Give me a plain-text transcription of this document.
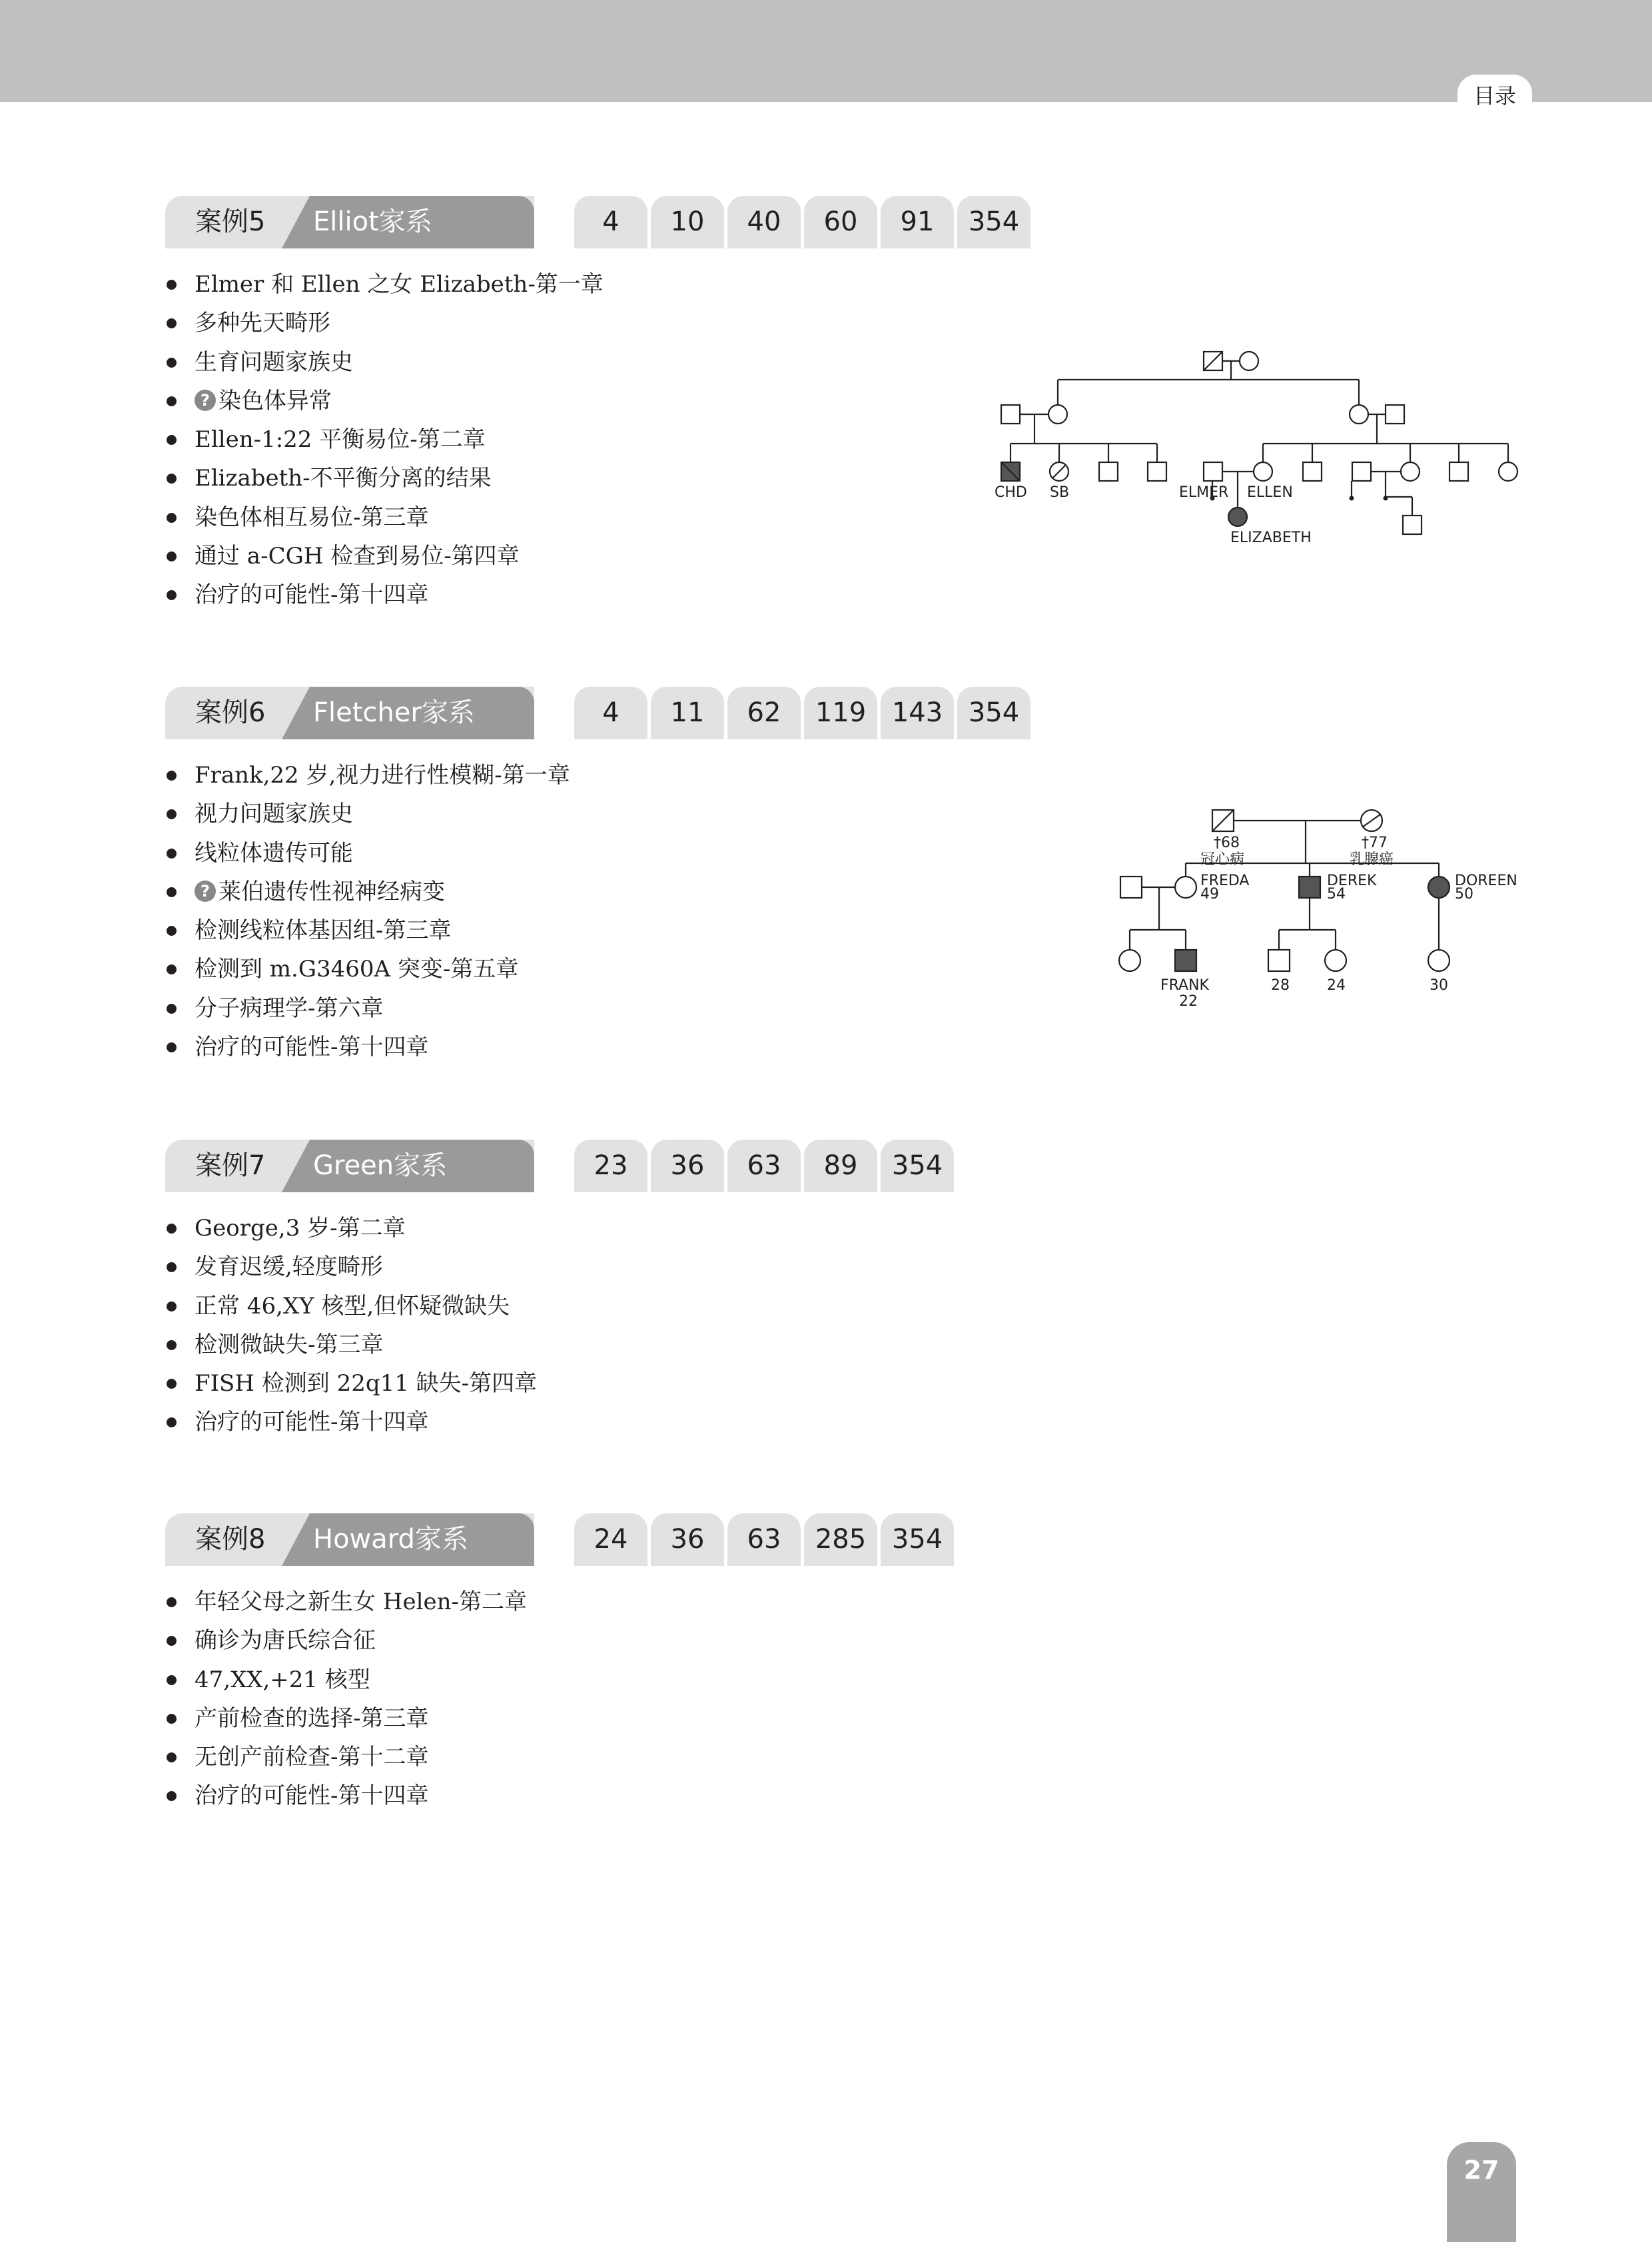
目录
案例5 Elliot家系	4	10	40	60	91	354
Elmer 和 Ellen 之女 Elizabeth-第一章
多种先天畸形
生育问题家族史
? 染色体异常
Ellen-1:22 平衡易位-第二章
Elizabeth-不平衡分离的结果
染色体相互易位-第三章
通过 a-CGH 检查到易位-第四章
治疗的可能性-第十四章
CHD SB	ELMER ELLEN
ELIZABETH
案例6 Fletcher家系	4	11	62	119 143 354
Frank,22 岁,视力进行性模糊-第一章
视力问题家族史
线粒体遗传可能
? 莱伯遗传性视神经病变
检测线粒体基因组-第三章
检测到 m.G3460A 突变-第五章
分子病理学-第六章
治疗的可能性-第十四章
†68
冠心病
†77
乳腺癌
FREDA
49
DEREK
54
DOREEN
50
FRANK
22
28	24	30
案例7 Green家系	23	36	63	89	354
George,3 岁-第二章
发育迟缓,轻度畸形
正常 46,XY 核型,但怀疑微缺失
检测微缺失-第三章
FISH 检测到 22q11 缺失-第四章
治疗的可能性-第十四章
案例8 Howard家系	24	36	63	285 354
年轻父母之新生女 Helen-第二章
确诊为唐氏综合征
47,XX,+21 核型
产前检查的选择-第三章
无创产前检查-第十二章
治疗的可能性-第十四章
27
